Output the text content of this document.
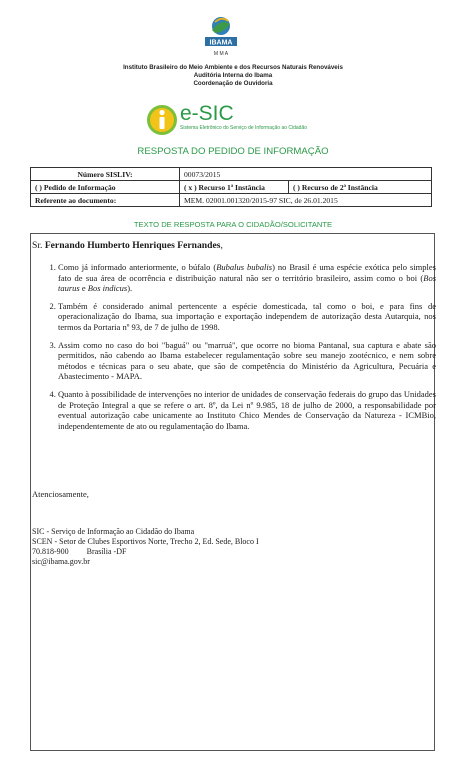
IBAMA
M M A
Instituto Brasileiro do Meio Ambiente e dos Recursos Naturais Renováveis
Auditória Interna do Ibama
Coordenação de Ouvidoria
e-SIC
Sistema Eletrônico do Serviço de Informação ao Cidadão
RESPOSTA DO PEDIDO DE INFORMAÇÃO
Número SISLIV:	00073/2015	
( ) Pedido de Informação	( x ) Recurso 1ª Instância	( ) Recurso de 2ª Instância
Referente ao documento:	MEM. 02001.001320/2015-97 SIC, de 26.01.2015	
TEXTO DE RESPOSTA PARA O CIDADÃO/SOLICITANTE
Sr. Fernando Humberto Henriques Fernandes,
1. Como já informado anteriormente, o búfalo (Bubalus bubalis) no Brasil é uma espécie exótica pelo simples fato de sua área de ocorrência e distribuição natural não ser o território brasileiro, assim como o boi (Bos taurus e Bos indicus).
2. Também é considerado animal pertencente a espécie domesticada, tal como o boi, e para fins de operacionalização do Ibama, sua importação e exportação independem de autorização desta Autarquia, nos termos da Portaria nº 93, de 7 de julho de 1998.
3. Assim como no caso do boi "baguá" ou "marruá", que ocorre no bioma Pantanal, sua captura e abate são permitidos, não cabendo ao Ibama estabelecer regulamentação sobre seu manejo zootécnico, e nem sobre métodos e técnicas para o seu abate, que são de competência do Ministério da Agricultura, Pecuária e Abastecimento - MAPA.
4. Quanto à possibilidade de intervenções no interior de unidades de conservação federais do grupo das Unidades de Proteção Integral a que se refere o art. 8º, da Lei nº 9.985, 18 de julho de 2000, a responsabilidade por eventual autorização cabe unicamente ao Instituto Chico Mendes de Conservação da Natureza - ICMBio, independentemente de ato ou regulamentação do Ibama.
Atenciosamente,
SIC - Serviço de Informação ao Cidadão do Ibama
SCEN - Setor de Clubes Esportivos Norte, Trecho 2, Ed. Sede, Bloco I
70.818-900 Brasília -DF
sic@ibama.gov.br
